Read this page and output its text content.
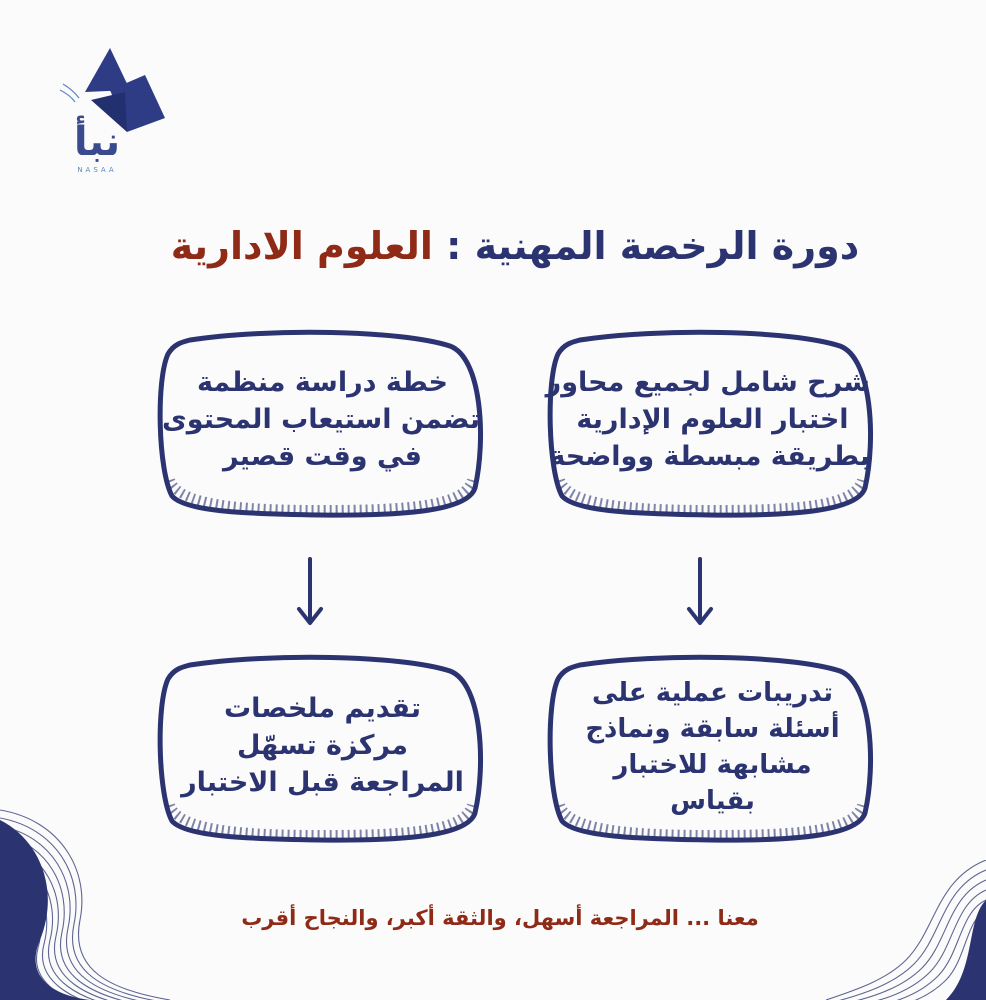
نبأ
NASAA
دورة الرخصة المهنية : العلوم الادارية
شرح شامل لجميع محاور
اختبار العلوم الإدارية
بطريقة مبسطة وواضحة
خطة دراسة منظمة
تضمن استيعاب المحتوى
في وقت قصير
تدريبات عملية على
أسئلة سابقة ونماذج
مشابهة للاختبار
بقياس
تقديم ملخصات
مركزة تسهّل
المراجعة قبل الاختبار
معنا ... المراجعة أسهل، والثقة أكبر، والنجاح أقرب
